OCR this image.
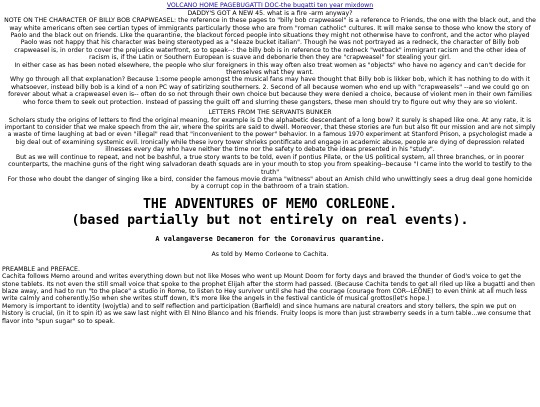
VOLCANO HOME PAGEBUGATTI DOC-the bugatti ten year mixdown
DADDY'S GOT A NEW 45. what is a fire -arm anyway?
NOTE ON THE CHARACTER OF BILLY BOB CRAPWEASEL: the reference in these pages to "billy bob crapweasel" is a reference to Friends, the one with the black out, and the way white americans often see certian types of immigrants particularly those who are from "roman catholic" cultures. It will make sense to those who know the story of Paolo and the black out on friends. LIke the quarantine, the blackout forced people into situations they might not otherwise have to confront, and the actor who played Paolo was not happy that his character was being stereotyped as a "sleaze bucket italian". Though he was not portrayed as a redneck, the character of Billy bob crapweasel is, in order to cover the prejudice waterfront, so to speak--: the billy bob is in reference to the redneck "wetback" immigrant racism and the other idea of racism is, if the Latin or Southern European is suave and debonarie then they are "crapweasel" for stealing your girl.
In either case as has been noted elsewhere, the people who slur foreigners in this way often also treat women as "objects" who have no agency and can't decide for themselves what they want.
Why go through all that explanation? Because 1:some people amongst the musical fans may have thought that Billy bob is likker bob, which it has nothing to do with it whatsoever, instead billy bob is a kind of a non PC way of satirizing southerners. 2. Second of all because women who end up with "crapweasels" --and we could go on forever about what a crapweasel even is-- often do so not through their own choice but because they were denied a choice, because of violent men in their own families who force them to seek out protection. Instead of passing the guilt off and slurring these gangsters, these men should try to figure out why they are so violent.
LETTERS FROM THE SERVANTS BUNKER
Scholars study the origins of letters to find the original meaning, for example is D the alphabetic descendant of a long bow? it surely is shaped like one. At any rate, it is important to consider that we make speech from the air, where the spirits are said to dwell. Moreover, that these stories are fun but also fit our mission and are not simply a waste of time laughing at bad or even "illegal" read that "inconvenient to the power" behavior. In a famous 1970 experiment at Stanford Prison, a psychologist made a big deal out of examining systemic evil. Ironically while these ivory tower shrieks pontificate and engage in academic abuse, people are dying of depression related illnesses every day who have neither the time nor the safety to debate the ideas presented in his "study".
But as we will continue to repeat, and not be bashful, a true story wants to be told, even if pontius Pilate, or the US political system, all three branches, or in poorer counterparts, the machine guns of the right wing salvadoran death squads are in your mouth to stop you from speaking--because "I came into the world to testify to the truth"
For those who doubt the danger of singing like a bird, consider the famous movie drama "witness" about an Amish child who unwittingly sees a drug deal gone homicide by a corrupt cop in the bathroom of a train station.
THE ADVENTURES OF MEMO CORLEONE.
(based partially but not entirely on real events).
A valangaverse Decameron for the Coronavirus quarantine.
As told by Memo Corleone to Cachita.
PREAMBLE and PREFACE.
Cachita follows Memo around and writes everything down but not like Moses who went up Mount Doom for forty days and braved the thunder of God's voice to get the stone tablets. Its not even the still small voice that spoke to the prophet Elijah after the storm had passed. (Because Cachita tends to get all riled up like a bugatti and then blaze away, and had to run "to the place" a studio in Rome, to listen to Hey survivor until she had the courage (courage from COR--LEONE) to even think at all much less write calmly and coherently.)So when she writes stuff down, It's more like the angels in the festival canticle of musical grottos(let's hope.)
Memory is important to identity (wojytla) and to self reflection and participation (Barfield) and since humans are natural creators and story tellers, the spin we put on history is crucial, (in it to spin it) as we saw last night with El NIno Blanco and his friends. Fruity loops is more than just strawberry seeds in a turn table...we consume that flavor into "spun sugar" so to speak.
